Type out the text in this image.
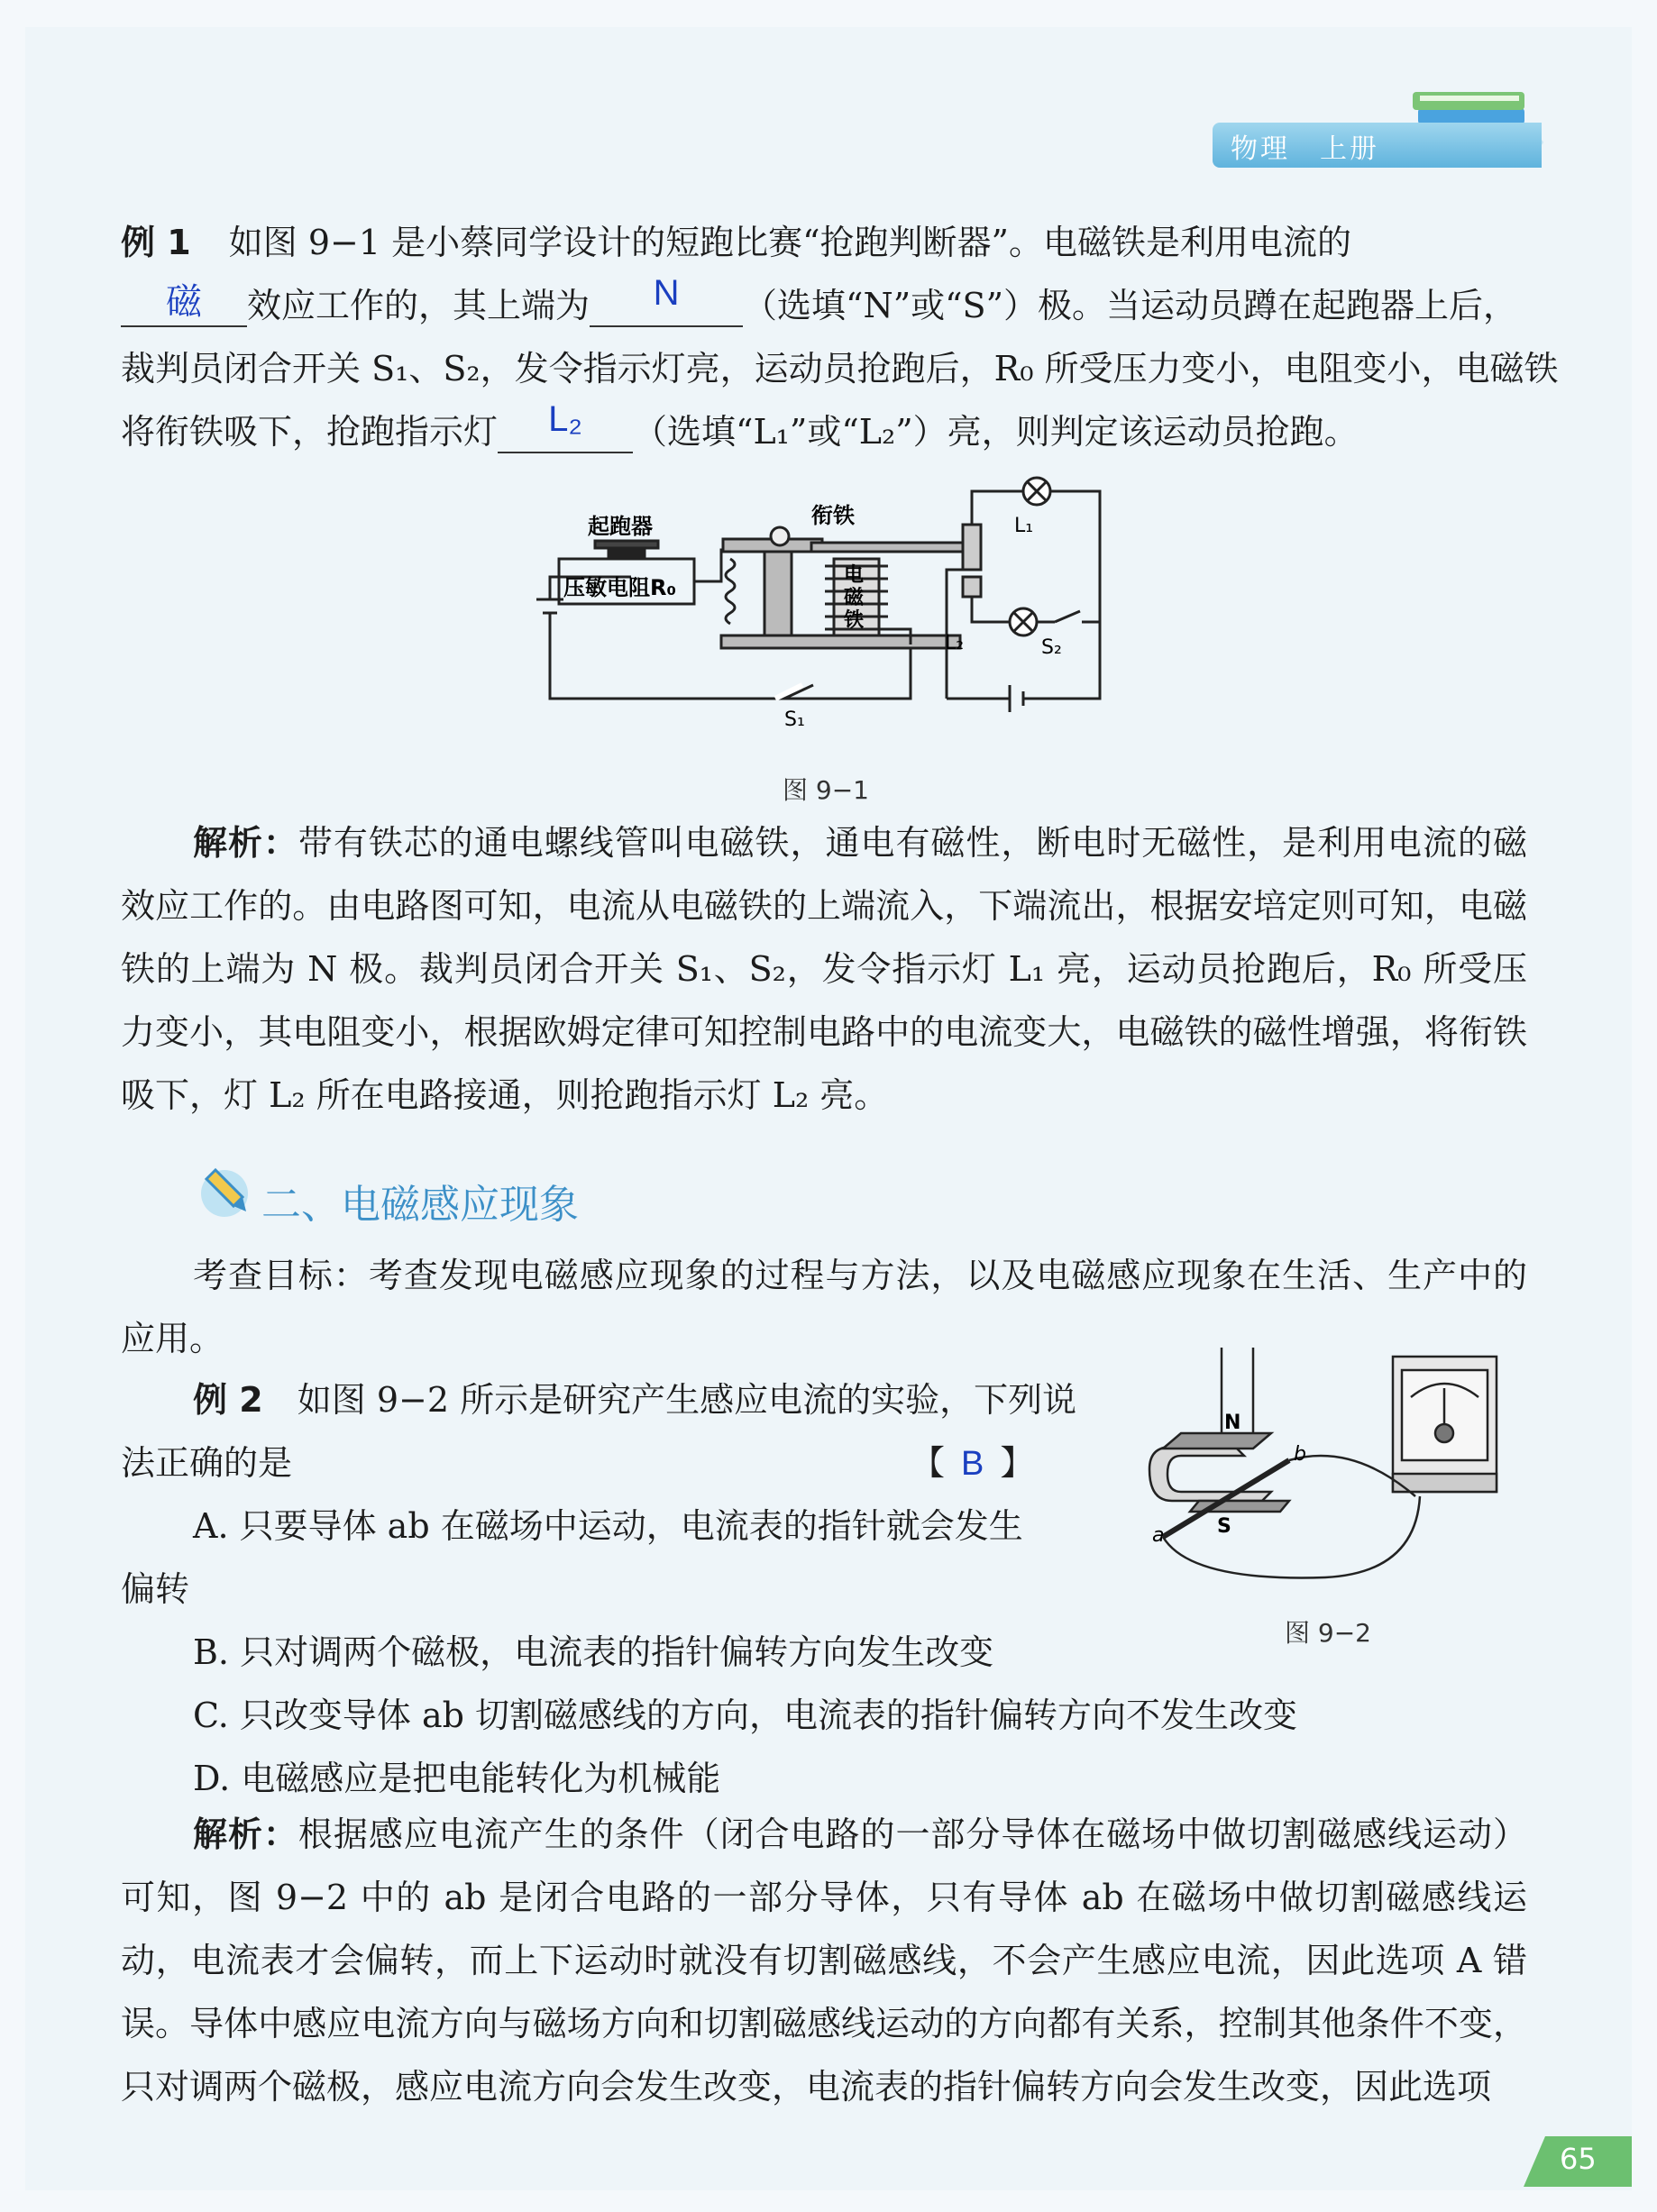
物理　上册
例 1 如图 9−1 是小蔡同学设计的短跑比赛“抢跑判断器”。电磁铁是利用电流的

磁	效应工作的，其上端为	N	（选填“N”或“S”）极。当运动员蹲在起跑器上后，
裁判员闭合开关 S₁、S₂，发令指示灯亮，运动员抢跑后，R₀ 所受压力变小，电阻变小，电磁铁
将衔铁吸下，抢跑指示灯	L₂	（选填“L₁”或“L₂”）亮，则判定该运动员抢跑。
起跑器
压敏电阻R₀
衔铁
电
磁
铁
L₁
L₂	S₂
S₁
图 9−1
解析：带有铁芯的通电螺线管叫电磁铁，通电有磁性，断电时无磁性，是利用电流的磁效应工作的。由电路图可知，电流从电磁铁的上端流入，下端流出，根据安培定则可知，电磁铁的上端为 N 极。裁判员闭合开关 S₁、S₂，发令指示灯 L₁ 亮，运动员抢跑后，R₀ 所受压力变小，其电阻变小，根据欧姆定律可知控制电路中的电流变大，电磁铁的磁性增强，将衔铁吸下，灯 L₂ 所在电路接通，则抢跑指示灯 L₂ 亮。
二、电磁感应现象
考查目标：考查发现电磁感应现象的过程与方法，以及电磁感应现象在生活、生产中的应用。
例 2 如图 9−2 所示是研究产生感应电流的实验，下列说
法正确的是	【 B 】
A. 只要导体 ab 在磁场中运动，电流表的指针就会发生
偏转
B. 只对调两个磁极，电流表的指针偏转方向发生改变
C. 只改变导体 ab 切割磁感线的方向，电流表的指针偏转方向不发生改变
D. 电磁感应是把电能转化为机械能
N
S
a
b
图 9−2
解析：根据感应电流产生的条件（闭合电路的一部分导体在磁场中做切割磁感线运动）可知，图 9−2 中的 ab 是闭合电路的一部分导体，只有导体 ab 在磁场中做切割磁感线运动，电流表才会偏转，而上下运动时就没有切割磁感线，不会产生感应电流，因此选项 A 错误。导体中感应电流方向与磁场方向和切割磁感线运动的方向都有关系，控制其他条件不变，只对调两个磁极，感应电流方向会发生改变，电流表的指针偏转方向会发生改变，因此选项
65
